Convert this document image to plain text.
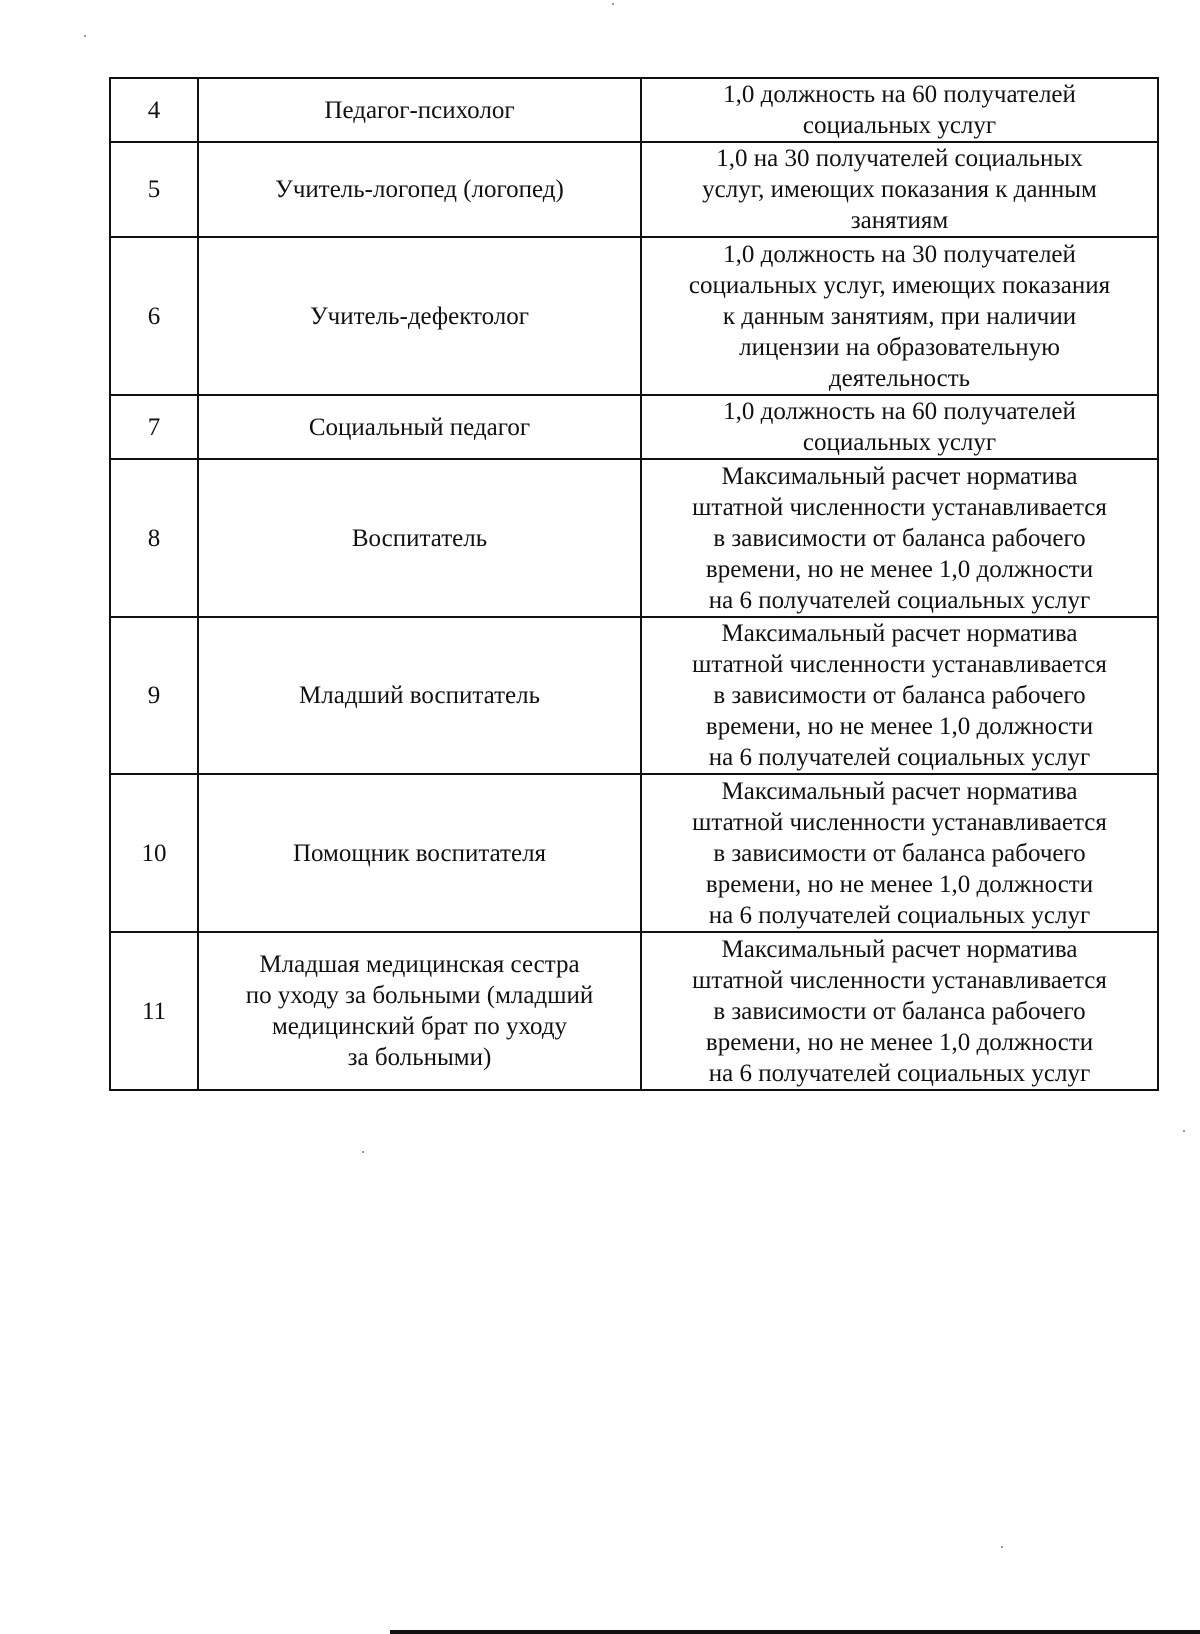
4	Педагог-психолог	1,0 должность на 60 получателей
социальных услуг

5	Учитель-логопед (логопед)	1,0 на 30 получателей социальных
услуг, имеющих показания к данным
занятиям

6	Учитель-дефектолог	1,0 должность на 30 получателей
социальных услуг, имеющих показания
к данным занятиям, при наличии
лицензии на образовательную
деятельность

7	Социальный педагог	1,0 должность на 60 получателей
социальных услуг

8	Воспитатель	Максимальный расчет норматива
штатной численности устанавливается
в зависимости от баланса рабочего
времени, но не менее 1,0 должности
на 6 получателей социальных услуг

9	Младший воспитатель	Максимальный расчет норматива
штатной численности устанавливается
в зависимости от баланса рабочего
времени, но не менее 1,0 должности
на 6 получателей социальных услуг

10	Помощник воспитателя	Максимальный расчет норматива
штатной численности устанавливается
в зависимости от баланса рабочего
времени, но не менее 1,0 должности
на 6 получателей социальных услуг

11	Младшая медицинская сестра
по уходу за больными (младший
медицинский брат по уходу
за больными)	Максимальный расчет норматива
штатной численности устанавливается
в зависимости от баланса рабочего
времени, но не менее 1,0 должности
на 6 получателей социальных услуг
